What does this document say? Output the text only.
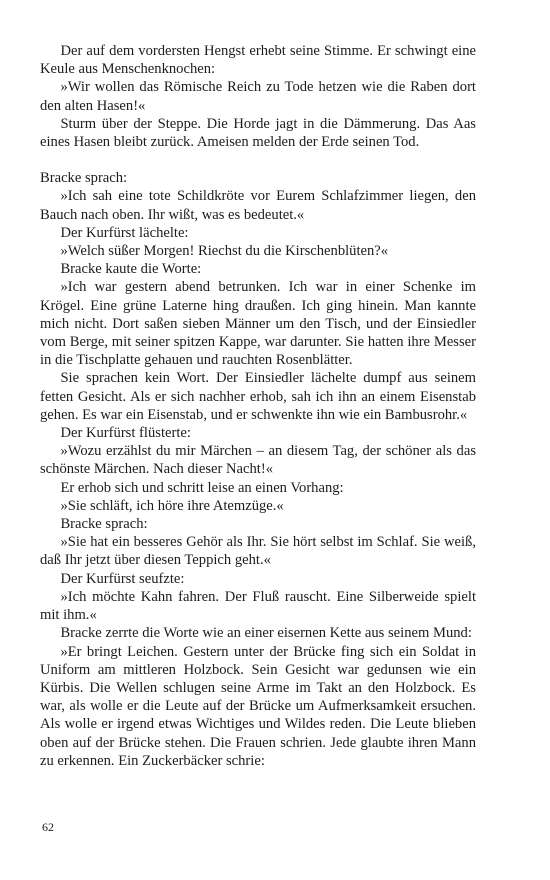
Der auf dem vordersten Hengst erhebt seine Stimme. Er schwingt eine Keule aus Menschenknochen:

»Wir wollen das Römische Reich zu Tode hetzen wie die Raben dort den alten Hasen!«

Sturm über der Steppe. Die Horde jagt in die Dämmerung. Das Aas eines Hasen bleibt zurück. Ameisen melden der Erde seinen Tod.

Bracke sprach:

»Ich sah eine tote Schildkröte vor Eurem Schlafzimmer liegen, den Bauch nach oben. Ihr wißt, was es bedeutet.«

Der Kurfürst lächelte:

»Welch süßer Morgen! Riechst du die Kirschenblüten?«

Bracke kaute die Worte:

»Ich war gestern abend betrunken. Ich war in einer Schenke im Krögel. Eine grüne Laterne hing draußen. Ich ging hinein. Man kannte mich nicht. Dort saßen sieben Männer um den Tisch, und der Einsiedler vom Berge, mit seiner spitzen Kappe, war darunter. Sie hatten ihre Messer in die Tischplatte gehauen und rauchten Rosenblätter.

Sie sprachen kein Wort. Der Einsiedler lächelte dumpf aus seinem fetten Gesicht. Als er sich nachher erhob, sah ich ihn an einem Eisenstab gehen. Es war ein Eisenstab, und er schwenkte ihn wie ein Bambusrohr.«

Der Kurfürst flüsterte:

»Wozu erzählst du mir Märchen – an diesem Tag, der schöner als das schönste Märchen. Nach dieser Nacht!«

Er erhob sich und schritt leise an einen Vorhang:

»Sie schläft, ich höre ihre Atemzüge.«

Bracke sprach:

»Sie hat ein besseres Gehör als Ihr. Sie hört selbst im Schlaf. Sie weiß, daß Ihr jetzt über diesen Teppich geht.«

Der Kurfürst seufzte:

»Ich möchte Kahn fahren. Der Fluß rauscht. Eine Silberweide spielt mit ihm.«

Bracke zerrte die Worte wie an einer eisernen Kette aus seinem Mund:

»Er bringt Leichen. Gestern unter der Brücke fing sich ein Soldat in Uniform am mittleren Holzbock. Sein Gesicht war gedunsen wie ein Kürbis. Die Wellen schlugen seine Arme im Takt an den Holzbock. Es war, als wolle er die Leute auf der Brücke um Aufmerksamkeit ersuchen. Als wolle er irgend etwas Wichtiges und Wildes reden. Die Leute blieben oben auf der Brücke stehen. Die Frauen schrien. Jede glaubte ihren Mann zu erkennen. Ein Zuckerbäcker schrie:

62
